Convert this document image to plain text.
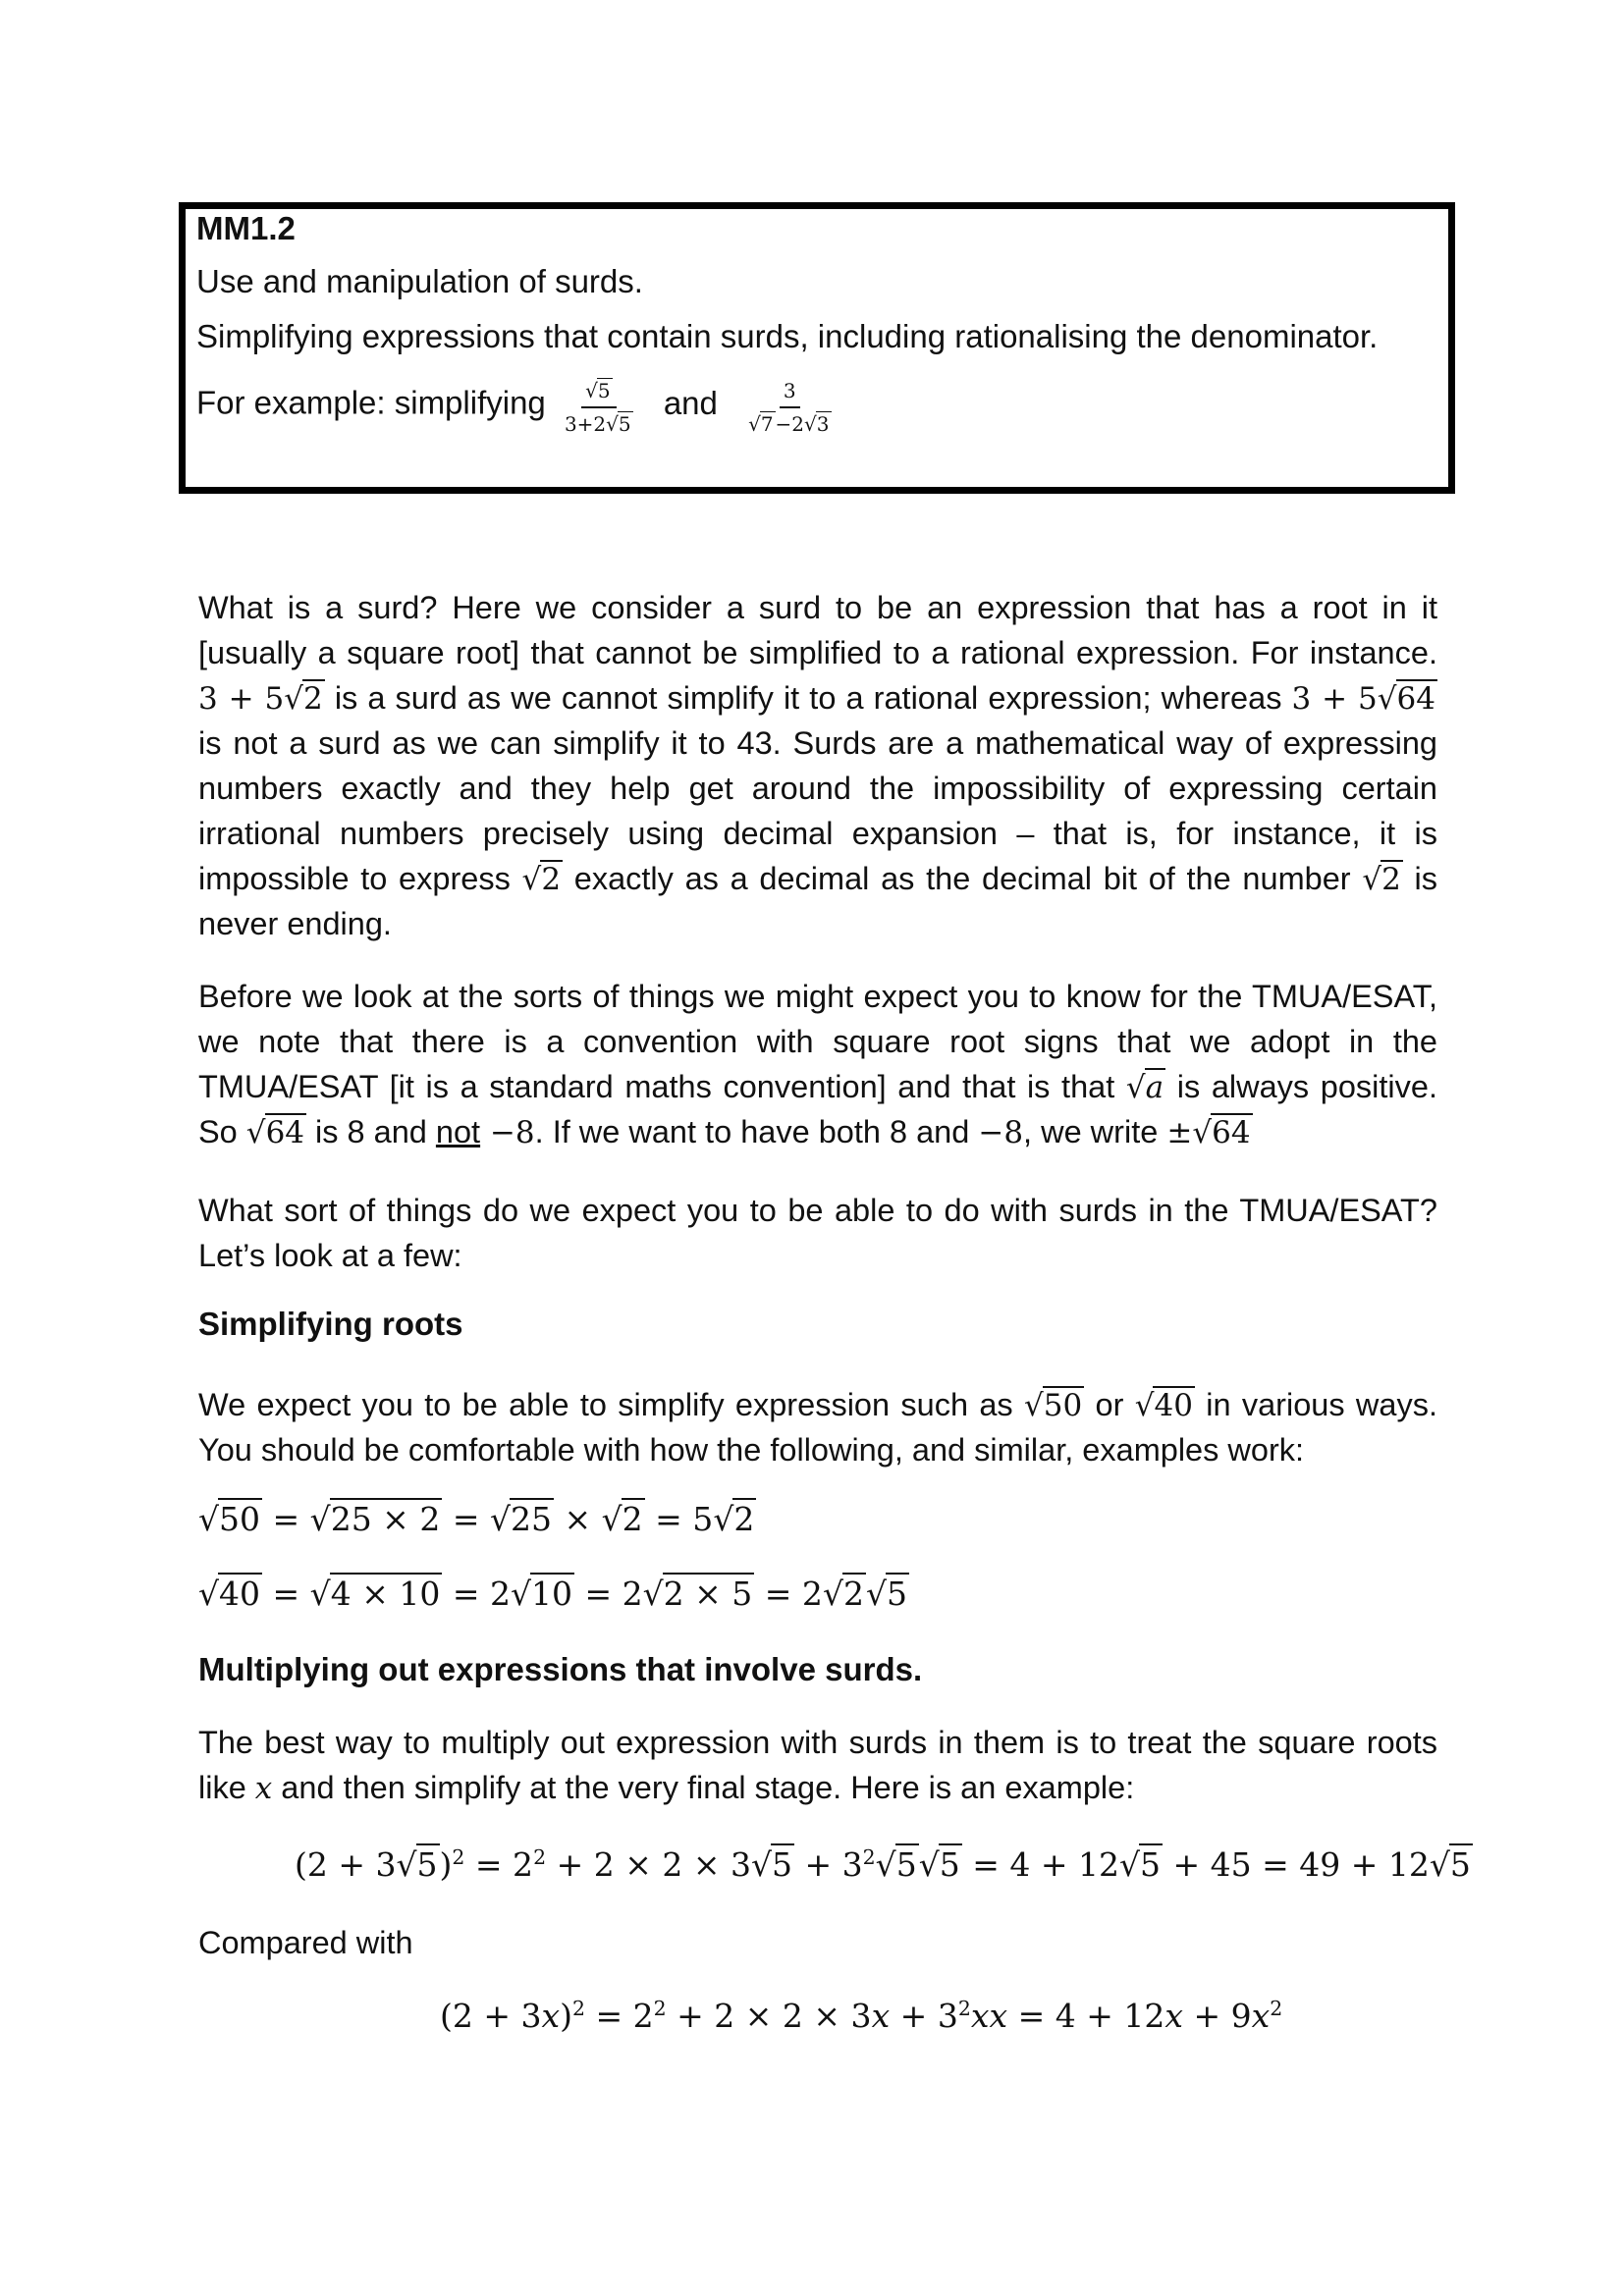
MM1.2
Use and manipulation of surds.
Simplifying expressions that contain surds, including rationalising the denominator.
For example: simplifying $\frac{√5}{3+2√5}$ and $\frac{3}{√7 -2√3}$
What is a surd? Here we consider a surd to be an expression that has a root in it
[usually a square root] that cannot be simplified to a rational expression. For instance.
3 + 5√2 is a surd as we cannot simplify it to a rational expression; whereas 3 + 5√64
is not a surd as we can simplify it to 43. Surds are a mathematical way of expressing
numbers exactly and they help get around the impossibility of expressing certain
irrational numbers precisely using decimal expansion – that is, for instance, it is
impossible to express √2 exactly as a decimal as the decimal bit of the number √2 is
never ending.
Before we look at the sorts of things we might expect you to know for the TMUA/ESAT,
we note that there is a convention with square root signs that we adopt in the
TMUA/ESAT [it is a standard maths convention] and that is that √a is always positive.
So √64 is 8 and not −8. If we want to have both 8 and −8, we write ±√64
What sort of things do we expect you to be able to do with surds in the TMUA/ESAT?
Let’s look at a few:
Simplifying roots
We expect you to be able to simplify expression such as √50 or √40 in various ways.
You should be comfortable with how the following, and similar, examples work:
√50 = √25 × 2 = √25 × √2 = 5√2
√40 = √4 × 10 = 2√10 = 2√2 × 5 = 2√2√5
Multiplying out expressions that involve surds.
The best way to multiply out expression with surds in them is to treat the square roots
like x and then simplify at the very final stage. Here is an example:
$(2 + 3√5)^2 = 2^2 + 2 \times 2 \times 3√5 + 3^2√5√5 = 4 + 12√5 + 45 = 49 + 12√5$
Compared with
$(2 + 3x)^2 = 2^2 + 2 \times 2 \times 3x + 3^2xx = 4 + 12x + 9x^2$
